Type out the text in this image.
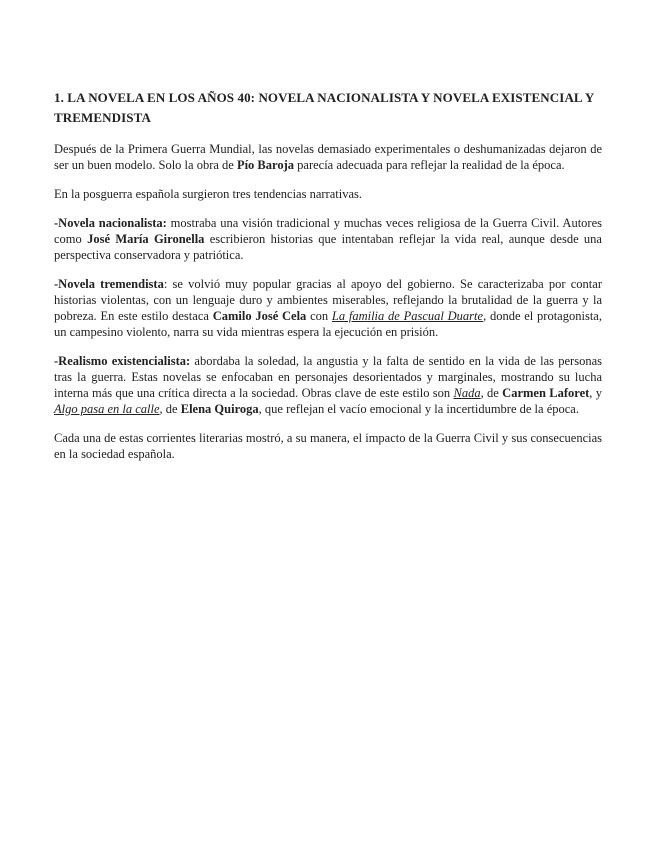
1. LA NOVELA EN LOS AÑOS 40: NOVELA NACIONALISTA Y NOVELA EXISTENCIAL Y TREMENDISTA

Después de la Primera Guerra Mundial, las novelas demasiado experimentales o deshumanizadas dejaron de ser un buen modelo. Solo la obra de Pío Baroja parecía adecuada para reflejar la realidad de la época.

En la posguerra española surgieron tres tendencias narrativas.

-Novela nacionalista: mostraba una visión tradicional y muchas veces religiosa de la Guerra Civil. Autores como José María Gironella escribieron historias que intentaban reflejar la vida real, aunque desde una perspectiva conservadora y patriótica.

-Novela tremendista: se volvió muy popular gracias al apoyo del gobierno. Se caracterizaba por contar historias violentas, con un lenguaje duro y ambientes miserables, reflejando la brutalidad de la guerra y la pobreza. En este estilo destaca Camilo José Cela con La familia de Pascual Duarte, donde el protagonista, un campesino violento, narra su vida mientras espera la ejecución en prisión.

-Realismo existencialista: abordaba la soledad, la angustia y la falta de sentido en la vida de las personas tras la guerra. Estas novelas se enfocaban en personajes desorientados y marginales, mostrando su lucha interna más que una crítica directa a la sociedad. Obras clave de este estilo son Nada, de Carmen Laforet, y Algo pasa en la calle, de Elena Quiroga, que reflejan el vacío emocional y la incertidumbre de la época.

Cada una de estas corrientes literarias mostró, a su manera, el impacto de la Guerra Civil y sus consecuencias en la sociedad española.
